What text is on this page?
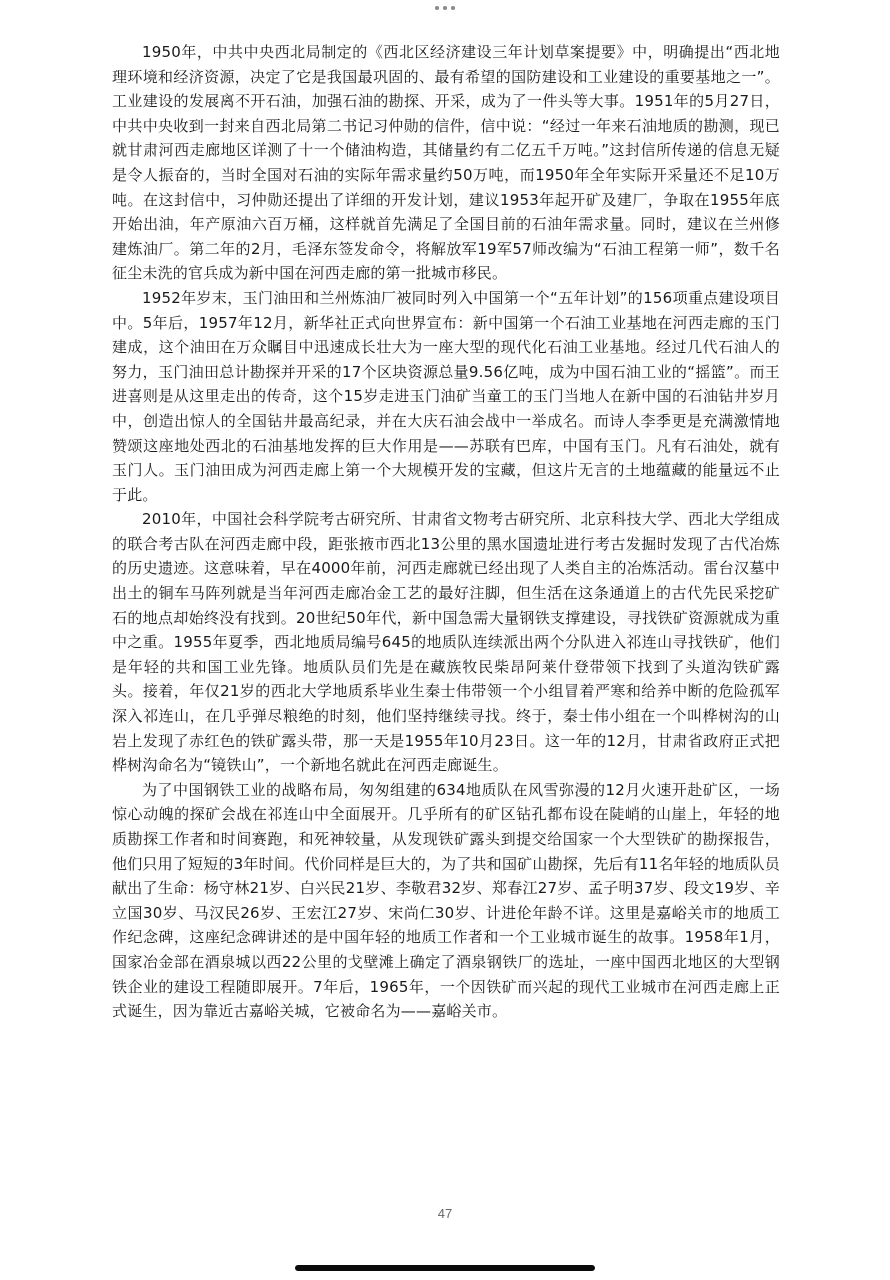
1950年，中共中央西北局制定的《西北区经济建设三年计划草案提要》中，明确提出“西北地理环境和经济资源，决定了它是我国最巩固的、最有希望的国防建设和工业建设的重要基地之一”。工业建设的发展离不开石油，加强石油的勘探、开采，成为了一件头等大事。1951年的5月27日，中共中央收到一封来自西北局第二书记习仲勋的信件，信中说：“经过一年来石油地质的勘测，现已就甘肃河西走廊地区详测了十一个储油构造，其储量约有二亿五千万吨。”这封信所传递的信息无疑是令人振奋的，当时全国对石油的实际年需求量约50万吨，而1950年全年实际开采量还不足10万吨。在这封信中，习仲勋还提出了详细的开发计划，建议1953年起开矿及建厂，争取在1955年底开始出油，年产原油六百万桶，这样就首先满足了全国目前的石油年需求量。同时，建议在兰州修建炼油厂。第二年的2月，毛泽东签发命令，将解放军19军57师改编为“石油工程第一师”，数千名征尘未洗的官兵成为新中国在河西走廊的第一批城市移民。

1952年岁末，玉门油田和兰州炼油厂被同时列入中国第一个“五年计划”的156项重点建设项目中。5年后，1957年12月，新华社正式向世界宣布：新中国第一个石油工业基地在河西走廊的玉门建成，这个油田在万众瞩目中迅速成长壮大为一座大型的现代化石油工业基地。经过几代石油人的努力，玉门油田总计勘探并开采的17个区块资源总量9.56亿吨，成为中国石油工业的“摇篮”。而王进喜则是从这里走出的传奇，这个15岁走进玉门油矿当童工的玉门当地人在新中国的石油钻井岁月中，创造出惊人的全国钻井最高纪录，并在大庆石油会战中一举成名。而诗人李季更是充满激情地赞颂这座地处西北的石油基地发挥的巨大作用是——苏联有巴库，中国有玉门。凡有石油处，就有玉门人。玉门油田成为河西走廊上第一个大规模开发的宝藏，但这片无言的土地蕴藏的能量远不止于此。

2010年，中国社会科学院考古研究所、甘肃省文物考古研究所、北京科技大学、西北大学组成的联合考古队在河西走廊中段，距张掖市西北13公里的黑水国遗址进行考古发掘时发现了古代冶炼的历史遗迹。这意味着，早在4000年前，河西走廊就已经出现了人类自主的冶炼活动。雷台汉墓中出土的铜车马阵列就是当年河西走廊冶金工艺的最好注脚，但生活在这条通道上的古代先民采挖矿石的地点却始终没有找到。20世纪50年代，新中国急需大量钢铁支撑建设，寻找铁矿资源就成为重中之重。1955年夏季，西北地质局编号645的地质队连续派出两个分队进入祁连山寻找铁矿，他们是年轻的共和国工业先锋。地质队员们先是在藏族牧民柴昂阿莱什登带领下找到了头道沟铁矿露头。接着，年仅21岁的西北大学地质系毕业生秦士伟带领一个小组冒着严寒和给养中断的危险孤军深入祁连山，在几乎弹尽粮绝的时刻，他们坚持继续寻找。终于，秦士伟小组在一个叫桦树沟的山岩上发现了赤红色的铁矿露头带，那一天是1955年10月23日。这一年的12月，甘肃省政府正式把桦树沟命名为“镜铁山”，一个新地名就此在河西走廊诞生。

为了中国钢铁工业的战略布局，匆匆组建的634地质队在风雪弥漫的12月火速开赴矿区，一场惊心动魄的探矿会战在祁连山中全面展开。几乎所有的矿区钻孔都布设在陡峭的山崖上，年轻的地质勘探工作者和时间赛跑，和死神较量，从发现铁矿露头到提交给国家一个大型铁矿的勘探报告，他们只用了短短的3年时间。代价同样是巨大的，为了共和国矿山勘探，先后有11名年轻的地质队员献出了生命：杨守林21岁、白兴民21岁、李敬君32岁、郑春江27岁、孟子明37岁、段文19岁、辛立国30岁、马汉民26岁、王宏江27岁、宋尚仁30岁、计进伦年龄不详。这里是嘉峪关市的地质工作纪念碑，这座纪念碑讲述的是中国年轻的地质工作者和一个工业城市诞生的故事。1958年1月，国家冶金部在酒泉城以西22公里的戈壁滩上确定了酒泉钢铁厂的选址，一座中国西北地区的大型钢铁企业的建设工程随即展开。7年后，1965年，一个因铁矿而兴起的现代工业城市在河西走廊上正式诞生，因为靠近古嘉峪关城，它被命名为——嘉峪关市。

47
